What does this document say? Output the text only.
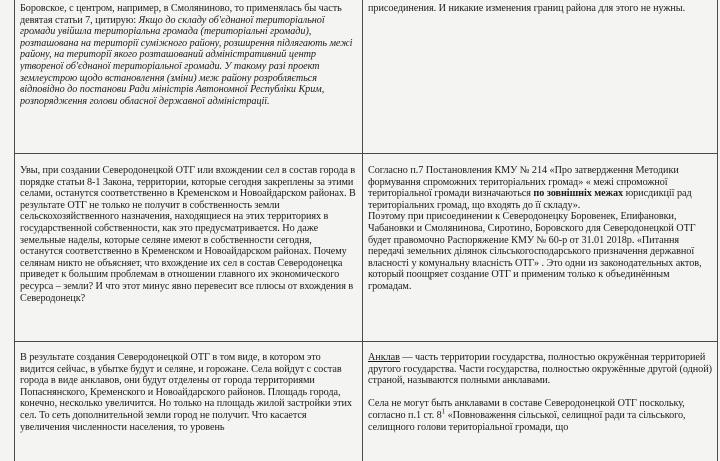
Боровское, с центром, например, в Смоляниново, то применялась бы часть девятая статьи 7, цитирую: Якщо до складу об'єднаної територіальної громади увійшла територіальна громада (територіальні громади), розташована на території суміжного району, розширення підлягають межі району, на території якого розташований адміністративний центр утвореної об'єднаної територіальної громади. У такому разі проект землеустрою щодо встановлення (зміни) меж району розробляється відповідно до постанови Ради міністрів Автономної Республіки Крим, розпорядження голови обласної державної адміністрації.

присоединения. И никакие изменения границ района для этого не нужны.

Увы, при создании Северодонецкой ОТГ или вхождении сел в состав города в порядке статьи 8-1 Закона, территории, которые сегодня закреплены за этими селами, останутся соответственно в Кременском и Новоайдарском районах. В результате ОТГ не только не получит в собственность земли сельскохозяйственного назначения, находящиеся на этих территориях в государственной собственности, как это предусматривается. Но даже земельные наделы, которые селяне имеют в собственности сегодня, останутся соответственно в Кременском и Новоайдарском районах. Почему селянам никто не объясняет, что вхождение их сел в состав Северодонецка приведет к большим проблемам в отношении главного их экономического ресурса – земли? И что этот минус явно перевесит все плюсы от вхождения в Северодонецк?

Согласно п.7 Постановления КМУ № 214 «Про затвердження Методики формування спроможних територіальних громад» « межі спроможної територіальної громади визначаються по зовнішніх межах юрисдикції рад територіальних громад, що входять до її складу».

Поэтому при присоединении к Северодонецку Боровенек, Епифановки, Чабановки и Смолянинова, Сиротино, Боровского для Северодонецкой ОТГ будет правомочно Распоряжение КМУ № 60-р от 31.01 2018р. «Питання передачі земельних ділянок сільськогосподарського призначення державної власності у комунальну власність ОТГ» . Это одни из законодательных актов, который поощряет создание ОТГ и применим только к объединённым громадам.

В результате создания Северодонецкой ОТГ в том виде, в котором это видится сейчас, в убытке будут и селяне, и горожане. Села войдут с состав города в виде анклавов, они будут отделены от города территориями Попаснянского, Кременского и Новоайдарского районов. Площадь города, конечно, несколько увеличится. Но только на площадь жилой застройки этих сел. То сеть дополнительной земли город не получит. Что касается увеличения численности населения, то уровень

Анклав — часть территории государства, полностью окружённая территорией другого государства. Части государства, полностью окружённые другой (одной) страной, называются полными анклавами.

Села не могут быть анклавами в составе Северодонецкой ОТГ поскольку, согласно п.1 ст. $8^1$ «Повноваження сільської, селищної ради та сільського, селищного голови територіальної громади, що
